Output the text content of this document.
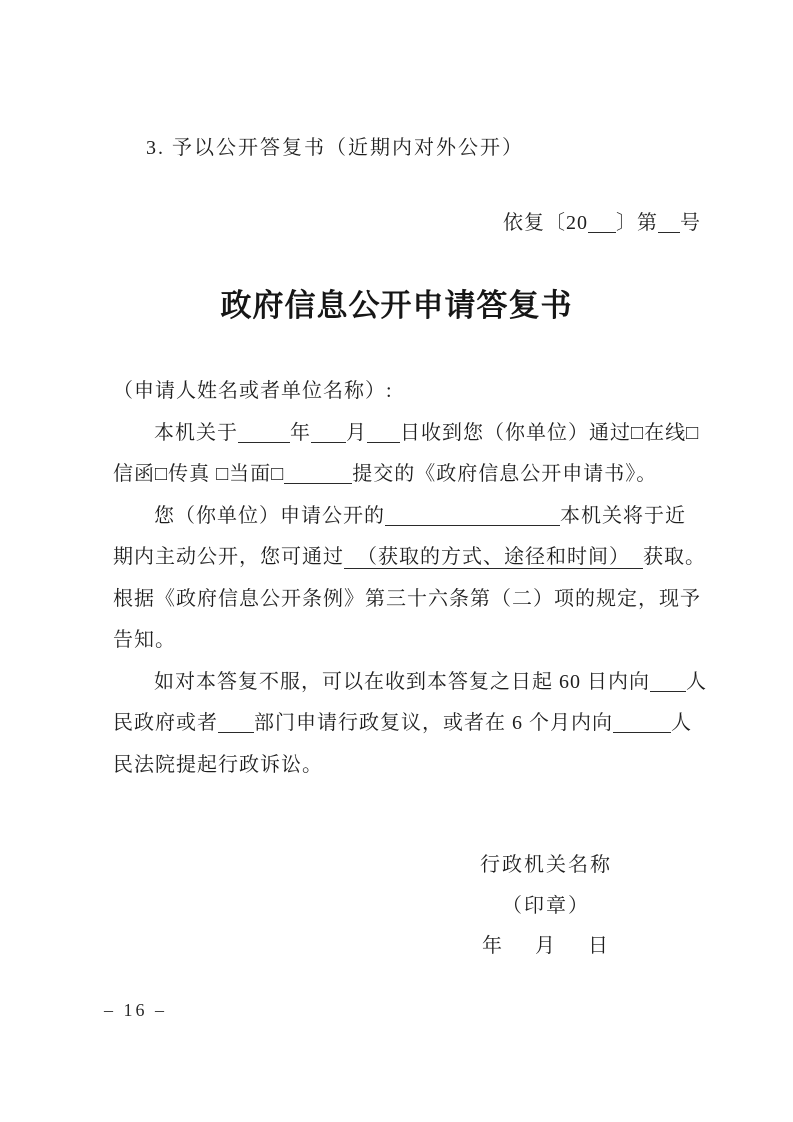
3. 予以公开答复书（近期内对外公开）
依复〔20 〕第 号
政府信息公开申请答复书
（申请人姓名或者单位名称）:
本机关于	年 月 日收到您（你单位）通过□在线□
信函□传真 □当面□	提交的《政府信息公开申请书》。
您（你单位）申请公开的	本机关将于近
期内主动公开，您可通过 （获取的方式、途径和时间） 获取。
根据《政府信息公开条例》第三十六条第（二）项的规定，现予
告知。
如对本答复不服，可以在收到本答复之日起 60 日内向 人
民政府或者 部门申请行政复议，或者在 6 个月内向	人
民法院提起行政诉讼。
行政机关名称
（印章）
年 月 日
– 16 –
